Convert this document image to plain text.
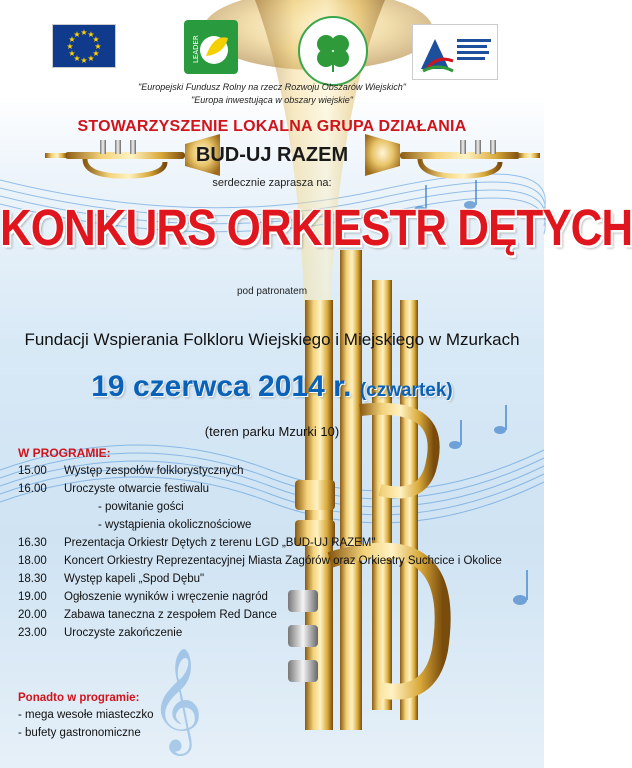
𝄞
★ ★
★
★
★
★
★
★
★
★
★
★
LEADER
"Europejski Fundusz Rolny na rzecz Rozwoju Obszarów Wiejskich"
"Europa inwestująca w obszary wiejskie"
STOWARZYSZENIE LOKALNA GRUPA DZIAŁANIA
BUD-UJ RAZEM
serdecznie zaprasza na:
KONKURS ORKIESTR DĘTYCH
pod patronatem
Fundacji Wspierania Folkloru Wiejskiego i Miejskiego w Mzurkach
19 czerwca 2014 r. (czwartek)
(teren parku Mzurki 10)
W PROGRAMIE:
15.00	Występ zespołów folklorystycznych
16.00	Uroczyste otwarcie festiwalu
- powitanie gości
- wystąpienia okolicznościowe
16.30	Prezentacja Orkiestr Dętych z terenu LGD „BUD-UJ RAZEM"
18.00	Koncert Orkiestry Reprezentacyjnej Miasta Zagórów oraz Orkiestry Suchcice i Okolice
18.30	Występ kapeli „Spod Dębu"
19.00	Ogłoszenie wyników i wręczenie nagród
20.00	Zabawa taneczna z zespołem Red Dance
23.00	Uroczyste zakończenie
Ponadto w programie:
- mega wesołe miasteczko
- bufety gastronomiczne
